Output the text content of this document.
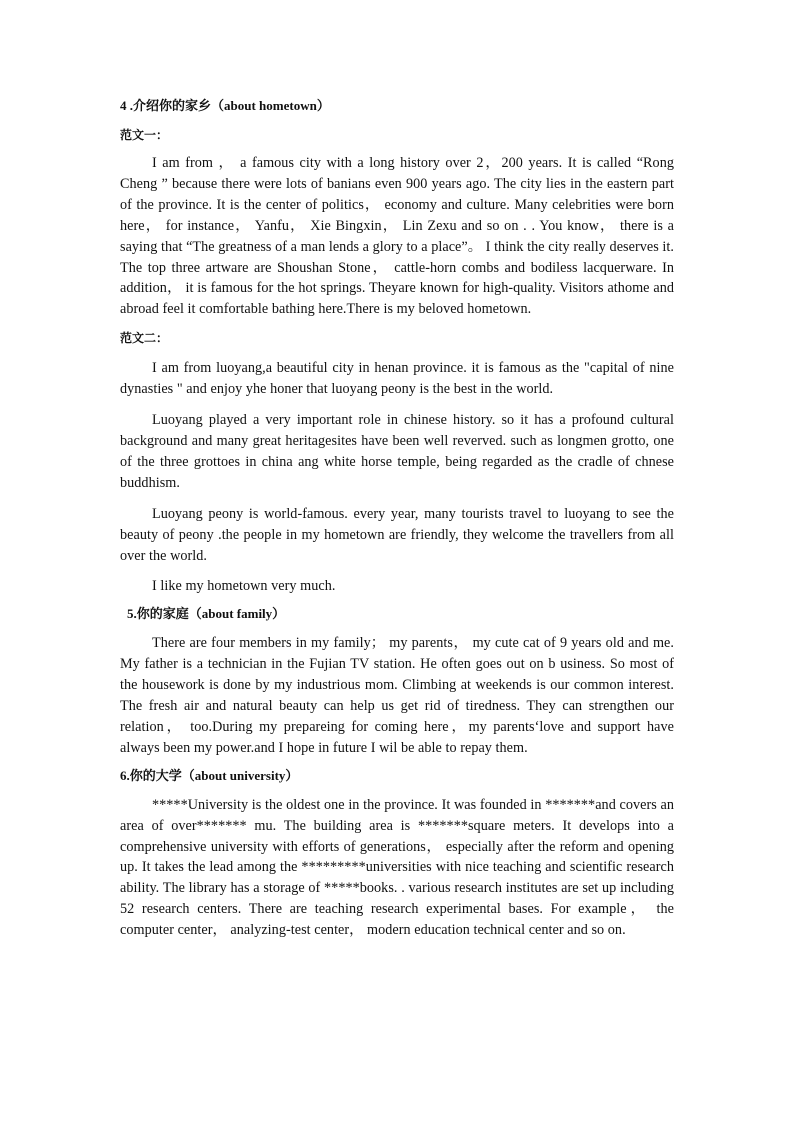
4 .介绍你的家乡（about hometown）

范文一：

I am from ， a famous city with a long history over 2，200 years. It is called “Rong Cheng ” because there were lots of banians even 900 years ago. The city lies in the eastern part of the province. It is the center of politics， economy and culture. Many celebrities were born here， for instance， Yanfu， Xie Bingxin， Lin Zexu and so on . . You know， there is a saying that “The greatness of a man lends a glory to a place”。 I think the city really deserves it. The top three artware are Shoushan Stone， cattle-horn combs and bodiless lacquerware. In addition， it is famous for the hot springs. Theyare known for high-quality. Visitors athome and abroad feel it comfortable bathing here.There is my beloved hometown.

范文二：

I am from luoyang,a beautiful city in henan province. it is famous as the "capital of nine dynasties " and enjoy yhe honer that luoyang peony is the best in the world.

Luoyang played a very important role in chinese history. so it has a profound cultural background and many great heritagesites have been well reverved. such as longmen grotto, one of the three grottoes in china ang white horse temple, being regarded as the cradle of chnese buddhism.

Luoyang peony is world-famous. every year, many tourists travel to luoyang to see the beauty of peony .the people in my hometown are friendly, they welcome the travellers from all over the world.

I like my hometown very much.

5.你的家庭（about family）

There are four members in my family； my parents， my cute cat of 9 years old and me. My father is a technician in the Fujian TV station. He often goes out on b usiness. So most of the housework is done by my industrious mom. Climbing at weekends is our common interest. The fresh air and natural beauty can help us get rid of tiredness. They can strengthen our relation， too.During my prepareing for coming here，my parents‘love and support have always been my power.and I hope in future I wil be able to repay them.

6.你的大学（about university）

*****University is the oldest one in the province. It was founded in *******and covers an area of over******* mu. The building area is *******square meters. It develops into a comprehensive university with efforts of generations， especially after the reform and opening up. It takes the lead among the *********universities with nice teaching and scientific research ability. The library has a storage of *****books. . various research institutes are set up including 52 research centers. There are teaching research experimental bases. For example， the computer center， analyzing-test center， modern education technical center and so on.
